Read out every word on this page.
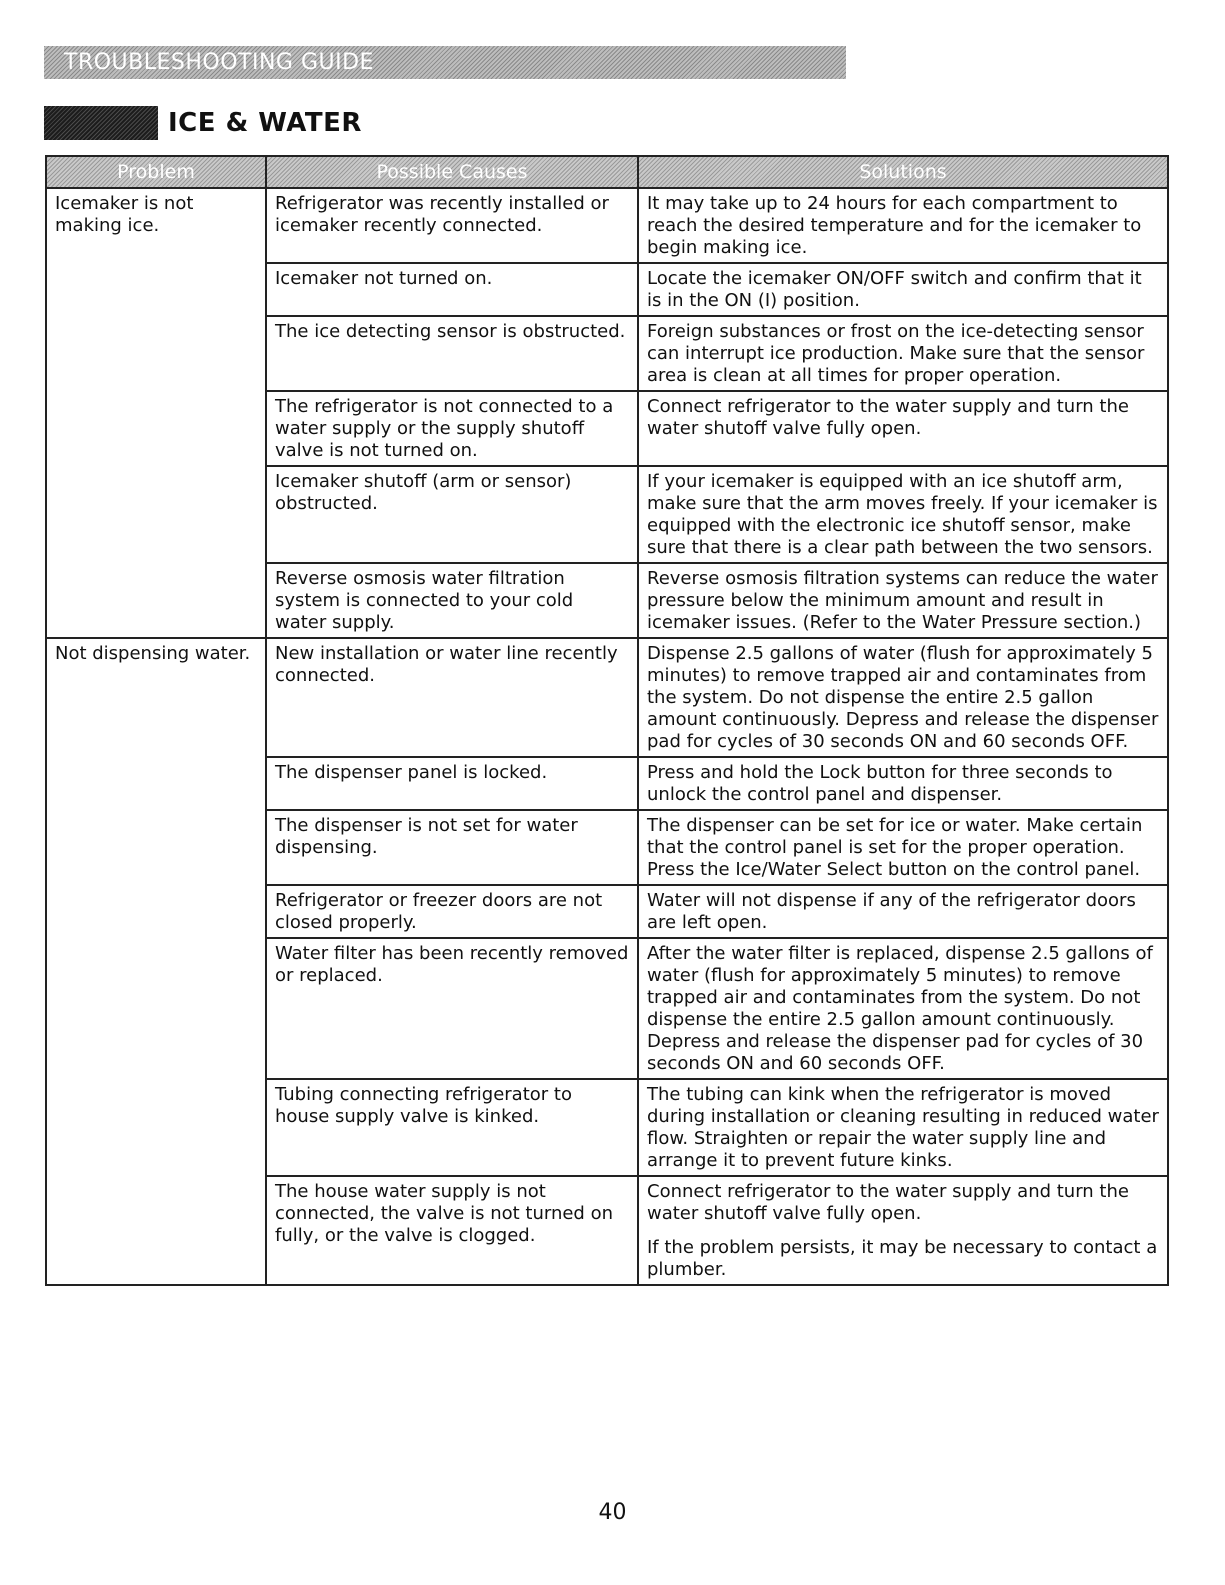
TROUBLESHOOTING GUIDE
ICE & WATER
Problem	Possible Causes	Solutions
Icemaker is not making ice.	Refrigerator was recently installed or icemaker recently connected.	It may take up to 24 hours for each compartment to reach the desired temperature and for the icemaker to begin making ice.

	Icemaker not turned on.	Locate the icemaker ON/OFF switch and confirm that it is in the ON (I) position.

	The ice detecting sensor is obstructed.	Foreign substances or frost on the ice-detecting sensor can interrupt ice production. Make sure that the sensor area is clean at all times for proper operation.

	The refrigerator is not connected to a water supply or the supply shutoff valve is not turned on.	Connect refrigerator to the water supply and turn the water shutoff valve fully open.

	Icemaker shutoff (arm or sensor) obstructed.	If your icemaker is equipped with an ice shutoff arm, make sure that the arm moves freely. If your icemaker is equipped with the electronic ice shutoff sensor, make sure that there is a clear path between the two sensors.

	Reverse osmosis water filtration system is connected to your cold water supply.	Reverse osmosis filtration systems can reduce the water pressure below the minimum amount and result in icemaker issues. (Refer to the Water Pressure section.)

Not dispensing water.	New installation or water line recently connected.	Dispense 2.5 gallons of water (flush for approximately 5 minutes) to remove trapped air and contaminates from the system. Do not dispense the entire 2.5 gallon amount continuously. Depress and release the dispenser pad for cycles of 30 seconds ON and 60 seconds OFF.

	The dispenser panel is locked.	Press and hold the Lock button for three seconds to unlock the control panel and dispenser.

	The dispenser is not set for water dispensing.	The dispenser can be set for ice or water. Make certain that the control panel is set for the proper operation. Press the Ice/Water Select button on the control panel.

	Refrigerator or freezer doors are not closed properly.	Water will not dispense if any of the refrigerator doors are left open.

	Water filter has been recently removed or replaced.	After the water filter is replaced, dispense 2.5 gallons of water (flush for approximately 5 minutes) to remove trapped air and contaminates from the system. Do not dispense the entire 2.5 gallon amount continuously. Depress and release the dispenser pad for cycles of 30 seconds ON and 60 seconds OFF.

	Tubing connecting refrigerator to house supply valve is kinked.	The tubing can kink when the refrigerator is moved during installation or cleaning resulting in reduced water flow. Straighten or repair the water supply line and arrange it to prevent future kinks.

	The house water supply is not connected, the valve is not turned on fully, or the valve is clogged.	Connect refrigerator to the water supply and turn the water shutoff valve fully open.

If the problem persists, it may be necessary to contact a plumber.

40
